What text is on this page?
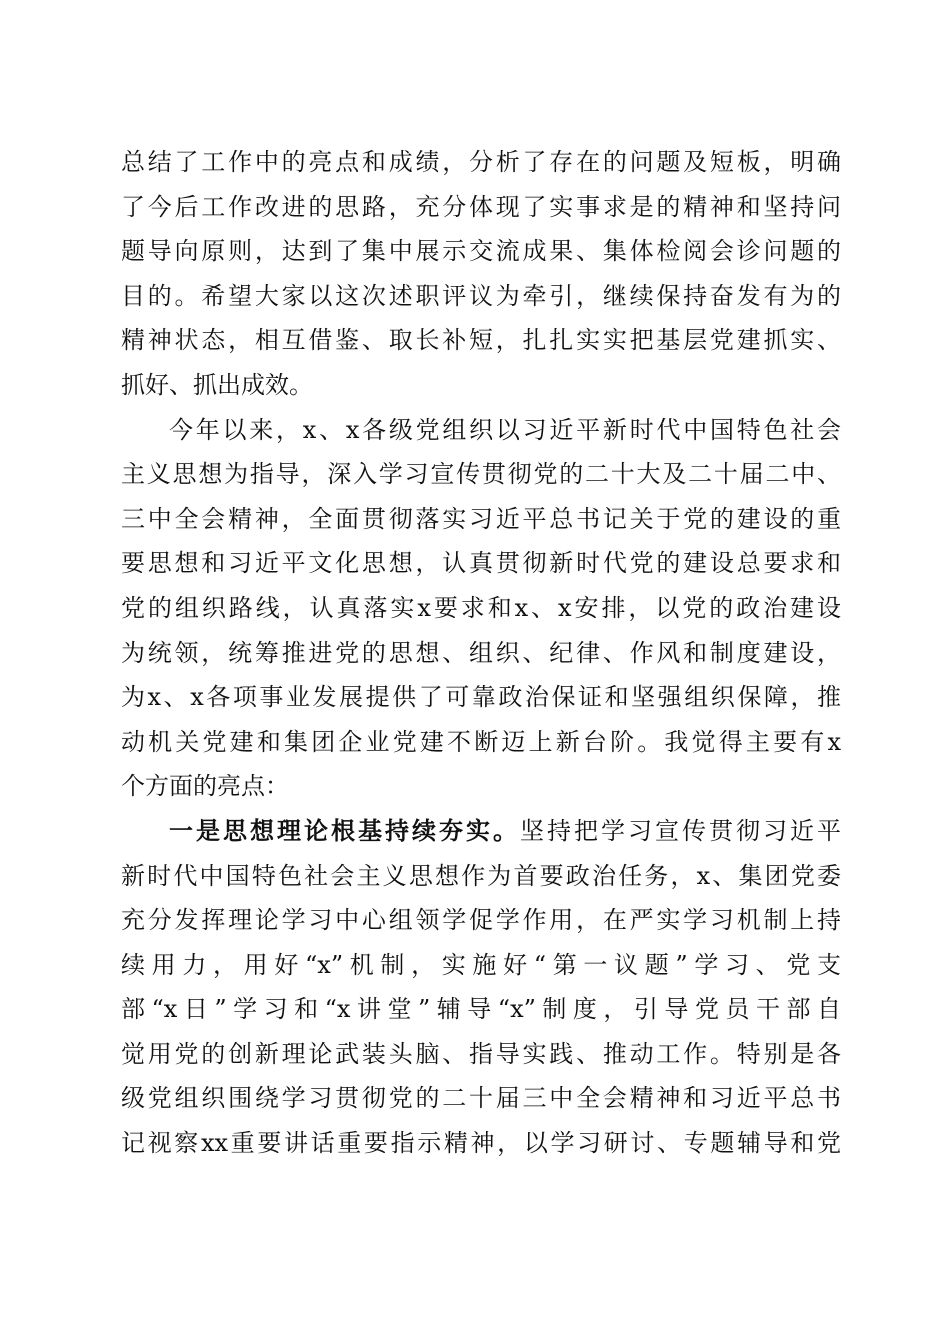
总结了工作中的亮点和成绩，分析了存在的问题及短板，明确
了今后工作改进的思路，充分体现了实事求是的精神和坚持问
题导向原则，达到了集中展示交流成果、集体检阅会诊问题的
目的。希望大家以这次述职评议为牵引，继续保持奋发有为的
精神状态，相互借鉴、取长补短，扎扎实实把基层党建抓实、
抓好、抓出成效。
今年以来，x、x各级党组织以习近平新时代中国特色社会
主义思想为指导，深入学习宣传贯彻党的二十大及二十届二中、
三中全会精神，全面贯彻落实习近平总书记关于党的建设的重
要思想和习近平文化思想，认真贯彻新时代党的建设总要求和
党的组织路线，认真落实x要求和x、x安排，以党的政治建设
为统领，统筹推进党的思想、组织、纪律、作风和制度建设，
为x、x各项事业发展提供了可靠政治保证和坚强组织保障，推
动机关党建和集团企业党建不断迈上新台阶。我觉得主要有x
个方面的亮点：
一是思想理论根基持续夯实。坚持把学习宣传贯彻习近平
新时代中国特色社会主义思想作为首要政治任务，x、集团党委
充分发挥理论学习中心组领学促学作用，在严实学习机制上持
续用力，用好“x”机制，实施好“第一议题”学习、党支
部“x日”学习和“x讲堂”辅导“x”制度，引导党员干部自
觉用党的创新理论武装头脑、指导实践、推动工作。特别是各
级党组织围绕学习贯彻党的二十届三中全会精神和习近平总书
记视察xx重要讲话重要指示精神，以学习研讨、专题辅导和党
